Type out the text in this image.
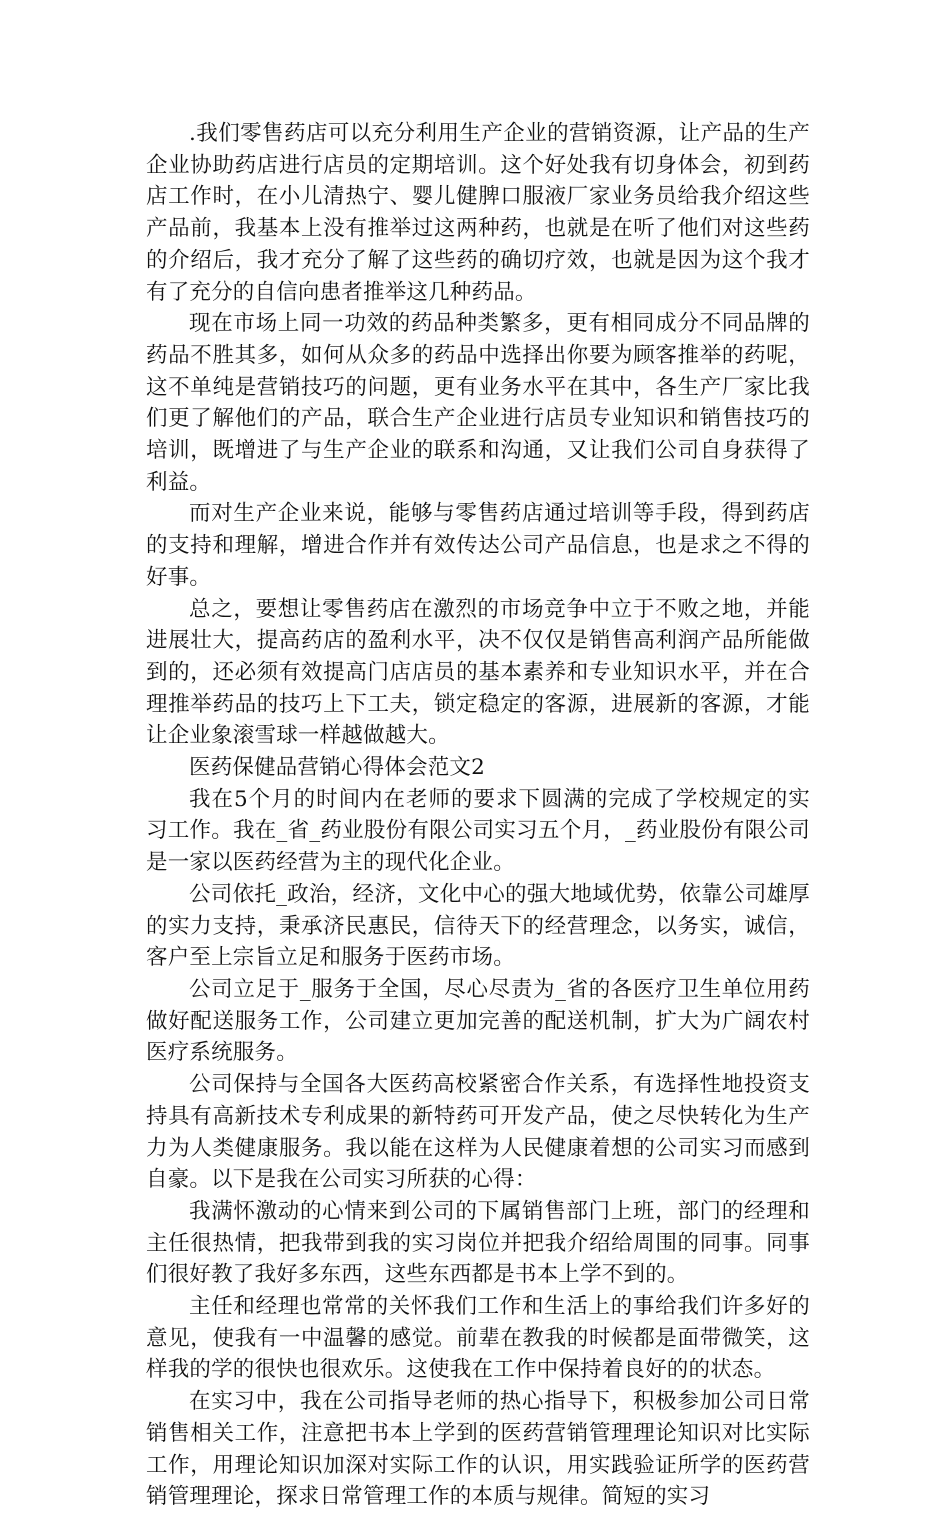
.我们零售药店可以充分利用生产企业的营销资源，让产品的生产企业协助药店进行店员的定期培训。这个好处我有切身体会，初到药店工作时，在小儿清热宁、婴儿健脾口服液厂家业务员给我介绍这些产品前，我基本上没有推举过这两种药，也就是在听了他们对这些药的介绍后，我才充分了解了这些药的确切疗效，也就是因为这个我才有了充分的自信向患者推举这几种药品。

现在市场上同一功效的药品种类繁多，更有相同成分不同品牌的药品不胜其多，如何从众多的药品中选择出你要为顾客推举的药呢，这不单纯是营销技巧的问题，更有业务水平在其中，各生产厂家比我们更了解他们的产品，联合生产企业进行店员专业知识和销售技巧的培训，既增进了与生产企业的联系和沟通，又让我们公司自身获得了利益。

而对生产企业来说，能够与零售药店通过培训等手段，得到药店的支持和理解，增进合作并有效传达公司产品信息，也是求之不得的好事。

总之，要想让零售药店在激烈的市场竞争中立于不败之地，并能进展壮大，提高药店的盈利水平，决不仅仅是销售高利润产品所能做到的，还必须有效提高门店店员的基本素养和专业知识水平，并在合理推举药品的技巧上下工夫，锁定稳定的客源，进展新的客源，才能让企业象滚雪球一样越做越大。

医药保健品营销心得体会范文2

我在5个月的时间内在老师的要求下圆满的完成了学校规定的实习工作。我在_省_药业股份有限公司实习五个月，_药业股份有限公司是一家以医药经营为主的现代化企业。

公司依托_政治，经济，文化中心的强大地域优势，依靠公司雄厚的实力支持，秉承济民惠民，信待天下的经营理念，以务实，诚信，客户至上宗旨立足和服务于医药市场。

公司立足于_服务于全国，尽心尽责为_省的各医疗卫生单位用药做好配送服务工作，公司建立更加完善的配送机制，扩大为广阔农村医疗系统服务。

公司保持与全国各大医药高校紧密合作关系，有选择性地投资支持具有高新技术专利成果的新特药可开发产品，使之尽快转化为生产力为人类健康服务。我以能在这样为人民健康着想的公司实习而感到自豪。以下是我在公司实习所获的心得：

我满怀激动的心情来到公司的下属销售部门上班，部门的经理和主任很热情，把我带到我的实习岗位并把我介绍给周围的同事。同事们很好教了我好多东西，这些东西都是书本上学不到的。

主任和经理也常常的关怀我们工作和生活上的事给我们许多好的意见，使我有一中温馨的感觉。前辈在教我的时候都是面带微笑，这样我的学的很快也很欢乐。这使我在工作中保持着良好的的状态。

在实习中，我在公司指导老师的热心指导下，积极参加公司日常销售相关工作，注意把书本上学到的医药营销管理理论知识对比实际工作，用理论知识加深对实际工作的认识，用实践验证所学的医药营销管理理论，探求日常管理工作的本质与规律。简短的实习
